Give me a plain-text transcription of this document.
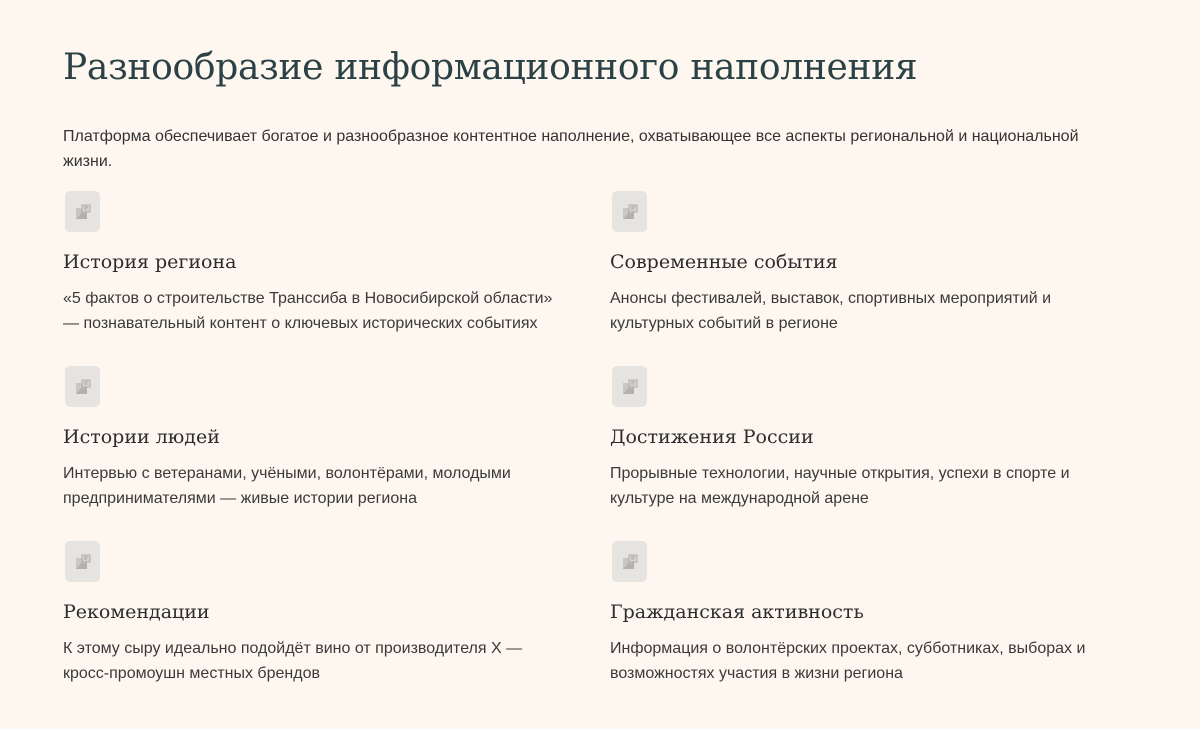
Разнообразие информационного наполнения

Платформа обеспечивает богатое и разнообразное контентное наполнение, охватывающее все аспекты региональной и национальной жизни.

История региона

«5 фактов о строительстве Транссиба в Новосибирской области» — познавательный контент о ключевых исторических событиях

Современные события

Анонсы фестивалей, выставок, спортивных мероприятий и культурных событий в регионе

Истории людей

Интервью с ветеранами, учёными, волонтёрами, молодыми предпринимателями — живые истории региона

Достижения России

Прорывные технологии, научные открытия, успехи в спорте и культуре на международной арене

Рекомендации

К этому сыру идеально подойдёт вино от производителя X — кросс-промоушн местных брендов

Гражданская активность

Информация о волонтёрских проектах, субботниках, выборах и возможностях участия в жизни региона
